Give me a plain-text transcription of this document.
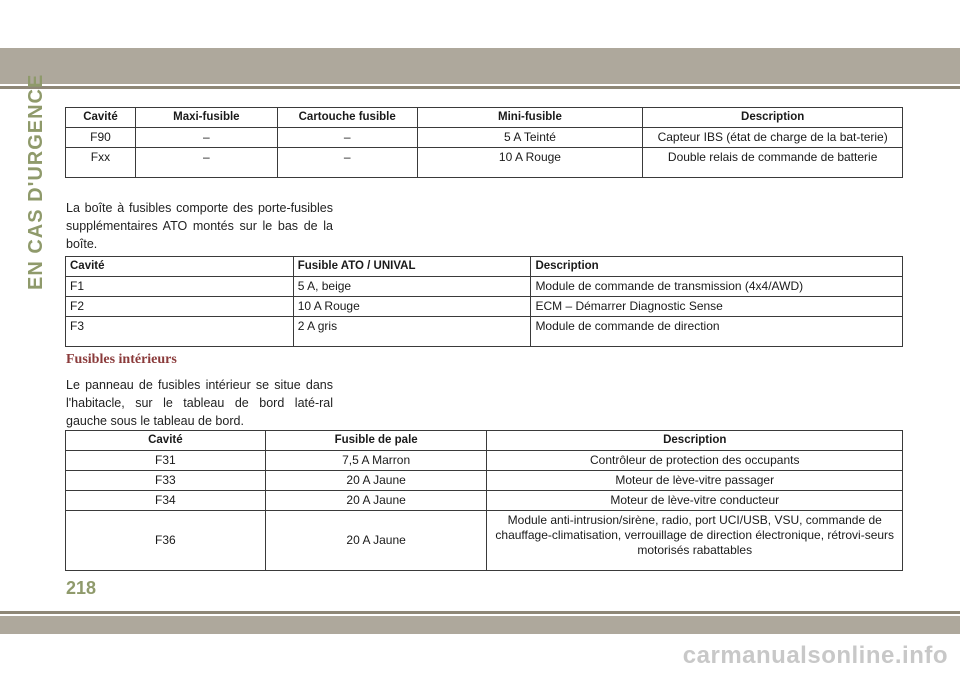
EN CAS D'URGENCE	Cavité	Maxi-fusible	Cartouche fusible	Mini-fusible	Description
F90	–	–	5 A Teinté	Capteur IBS (état de charge de la bat-terie)
Fxx	–	–	10 A Rouge	Double relais de commande de batterie
La boîte à fusibles comporte des porte-fusibles supplémentaires ATO montés sur le bas de la boîte.
Cavité	Fusible ATO / UNIVAL	Description
F1	5 A, beige	Module de commande de transmission (4x4/AWD)
F2	10 A Rouge	ECM – Démarrer Diagnostic Sense
F3	2 A gris	Module de commande de direction
Fusibles intérieurs
Le panneau de fusibles intérieur se situe dans l'habitacle, sur le tableau de bord laté-ral gauche sous le tableau de bord.
Cavité	Fusible de pale	Description
F31	7,5 A Marron	Contrôleur de protection des occupants
F33	20 A Jaune	Moteur de lève-vitre passager
F34	20 A Jaune	Moteur de lève-vitre conducteur
F36	20 A Jaune	Module anti-intrusion/sirène, radio, port UCI/USB, VSU, commande de chauffage-climatisation, verrouillage de direction électronique, rétrovi-seurs motorisés rabattables
218
carmanualsonline.info
